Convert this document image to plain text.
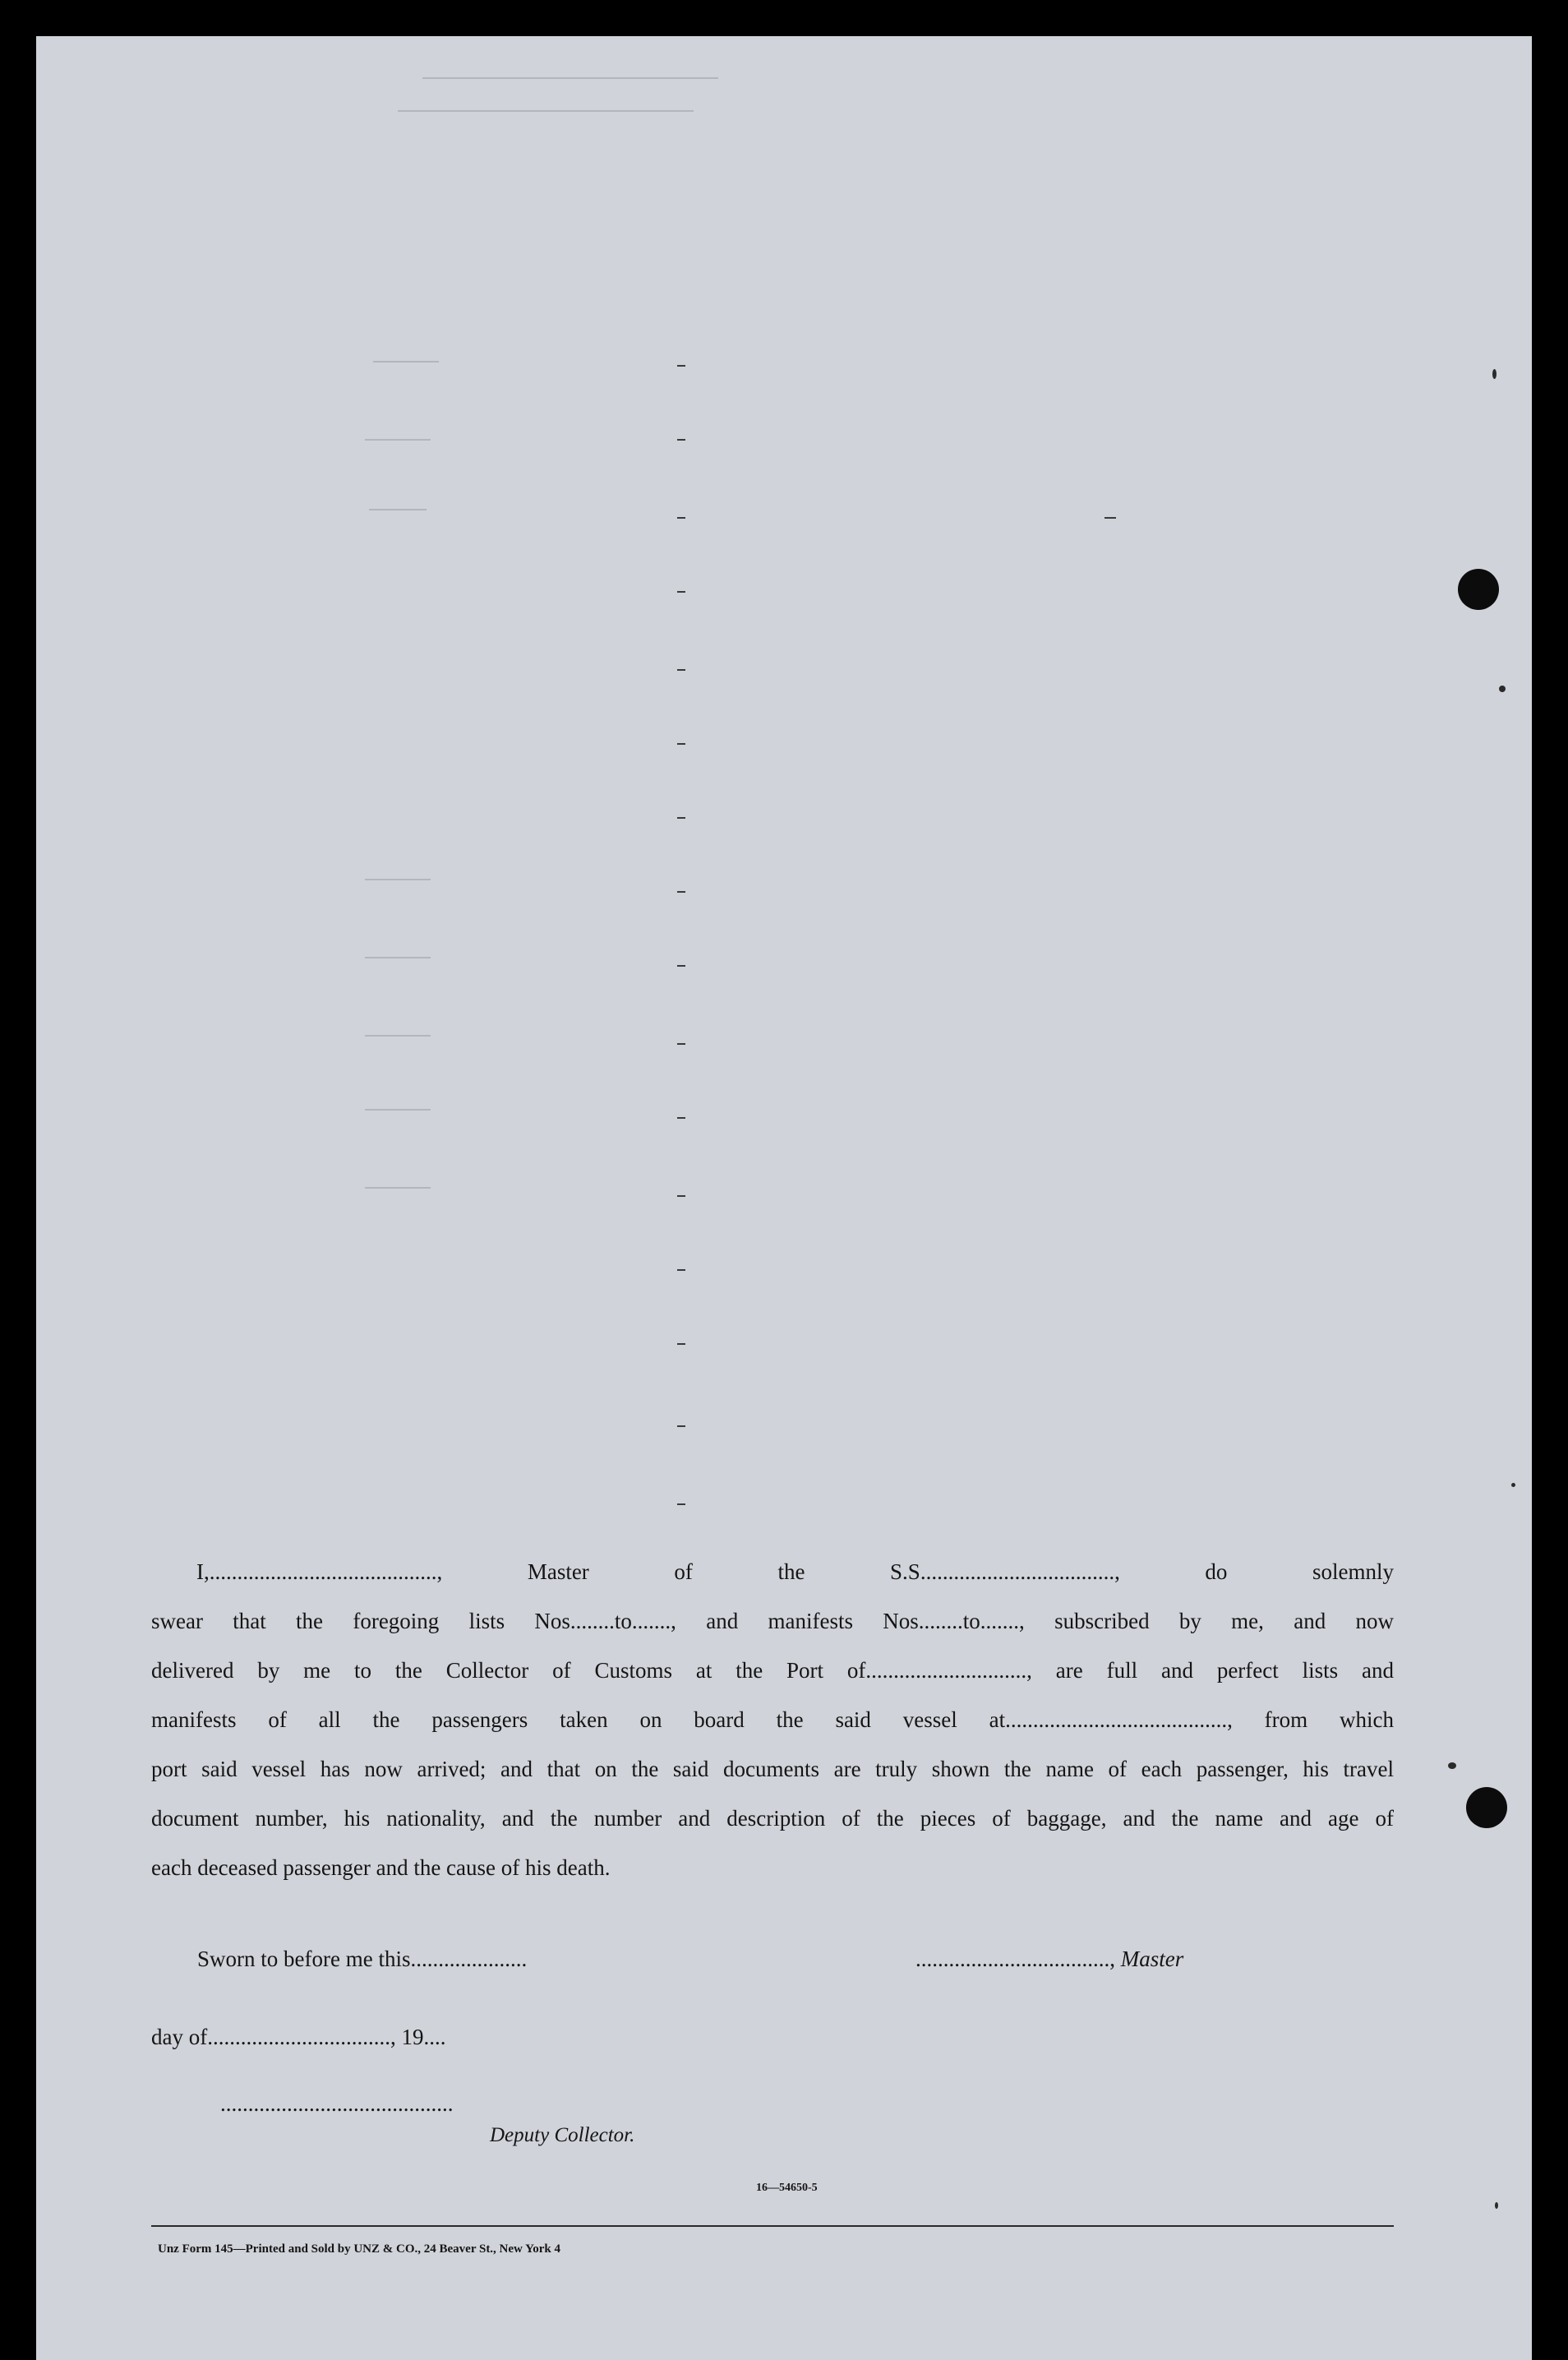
I,........................................., Master of the S.S..................................., do solemnly
swear that the foregoing lists Nos........to......., and manifests Nos........to......., subscribed by me, and now
delivered by me to the Collector of Customs at the Port of............................., are full and perfect lists and
manifests of all the passengers taken on board the said vessel at........................................, from which
port said vessel has now arrived; and that on the said documents are truly shown the name of each passenger, his travel
document number, his nationality, and the number and description of the pieces of baggage, and the name and age of
each deceased passenger and the cause of his death.
Sworn to before me this.....................	..................................., Master
day of................................., 19....
..........................................
Deputy Collector.
16—54650-5
Unz Form 145—Printed and Sold by UNZ & CO., 24 Beaver St., New York 4
